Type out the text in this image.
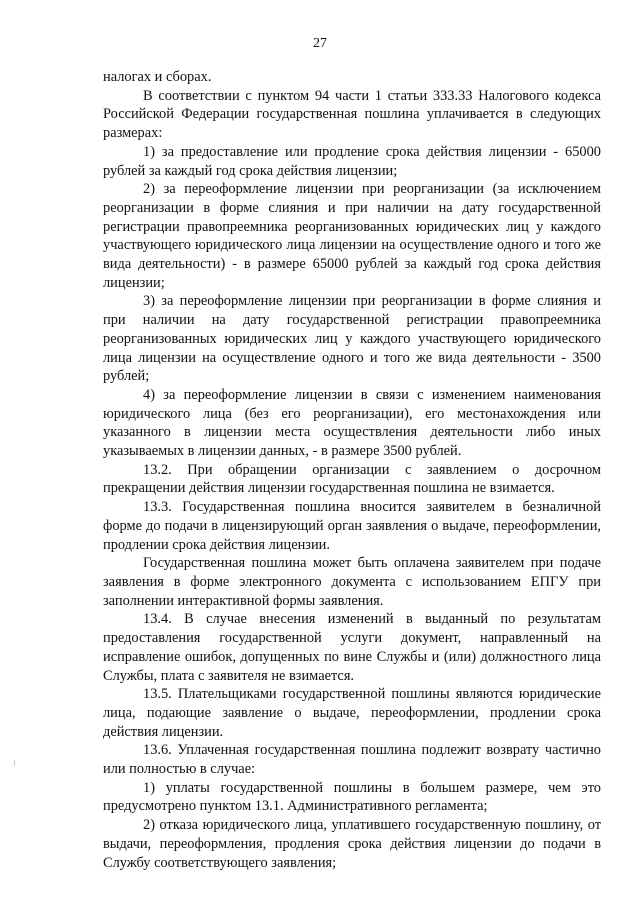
27

налогах и сборах.

В соответствии с пунктом 94 части 1 статьи 333.33 Налогового кодекса Российской Федерации государственная пошлина уплачивается в следующих размерах:

1) за предоставление или продление срока действия лицензии - 65000 рублей за каждый год срока действия лицензии;

2) за переоформление лицензии при реорганизации (за исключением реорганизации в форме слияния и при наличии на дату государственной регистрации правопреемника реорганизованных юридических лиц у каждого участвующего юридического лица лицензии на осуществление одного и того же вида деятельности) - в размере 65000 рублей за каждый год срока действия лицензии;

3) за переоформление лицензии при реорганизации в форме слияния и при наличии на дату государственной регистрации правопреемника реорганизованных юридических лиц у каждого участвующего юридического лица лицензии на осуществление одного и того же вида деятельности - 3500 рублей;

4) за переоформление лицензии в связи с изменением наименования юридического лица (без его реорганизации), его местонахождения или указанного в лицензии места осуществления деятельности либо иных указываемых в лицензии данных, - в размере 3500 рублей.

13.2. При обращении организации с заявлением о досрочном прекращении действия лицензии государственная пошлина не взимается.

13.3. Государственная пошлина вносится заявителем в безналичной форме до подачи в лицензирующий орган заявления о выдаче, переоформлении, продлении срока действия лицензии.

Государственная пошлина может быть оплачена заявителем при подаче заявления в форме электронного документа с использованием ЕПГУ при заполнении интерактивной формы заявления.

13.4. В случае внесения изменений в выданный по результатам предоставления государственной услуги документ, направленный на исправление ошибок, допущенных по вине Службы и (или) должностного лица Службы, плата с заявителя не взимается.

13.5. Плательщиками государственной пошлины являются юридические лица, подающие заявление о выдаче, переоформлении, продлении срока действия лицензии.

13.6. Уплаченная государственная пошлина подлежит возврату частично или полностью в случае:

1) уплаты государственной пошлины в большем размере, чем это предусмотрено пунктом 13.1. Административного регламента;

2) отказа юридического лица, уплатившего государственную пошлину, от выдачи, переоформления, продления срока действия лицензии до подачи в Службу соответствующего заявления;
